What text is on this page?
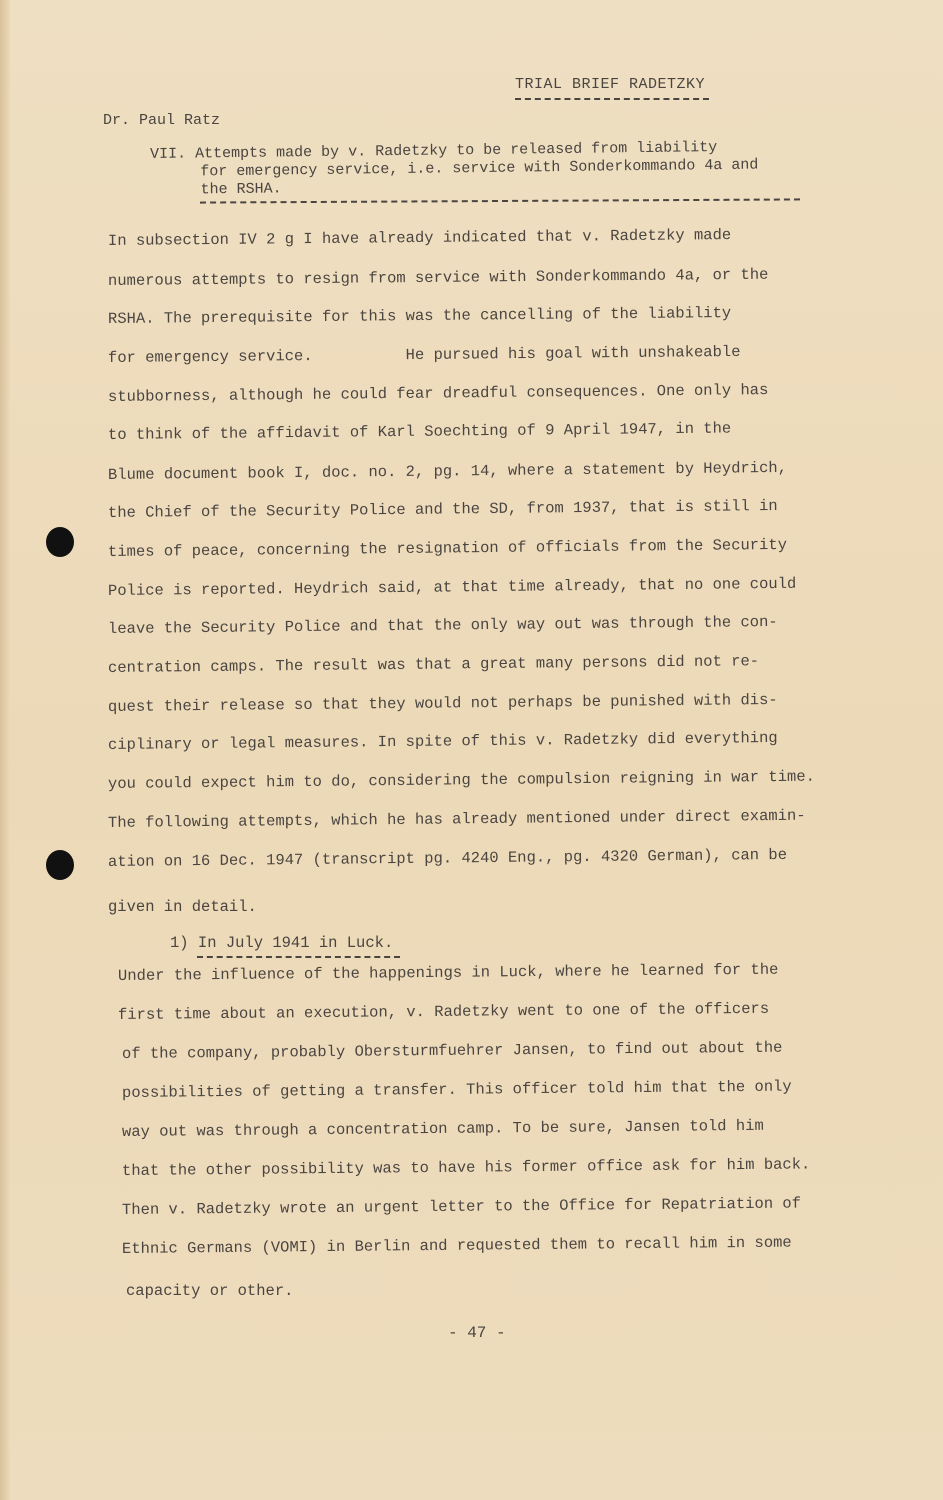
TRIAL BRIEF RADETZKY
Dr. Paul Ratz
VII. Attempts made by v. Radetzky to be released from liability
for emergency service, i.e. service with Sonderkommando 4a and
the RSHA.
In subsection IV 2 g I have already indicated that v. Radetzky made
numerous attempts to resign from service with Sonderkommando 4a, or the
RSHA. The prerequisite for this was the cancelling of the liability
for emergency service.          He pursued his goal with unshakeable
stubborness, although he could fear dreadful consequences. One only has
to think of the affidavit of Karl Soechting of 9 April 1947, in the
Blume document book I, doc. no. 2, pg. 14, where a statement by Heydrich,
the Chief of the Security Police and the SD, from 1937, that is still in
times of peace, concerning the resignation of officials from the Security
Police is reported. Heydrich said, at that time already, that no one could
leave the Security Police and that the only way out was through the con-
centration camps. The result was that a great many persons did not re-
quest their release so that they would not perhaps be punished with dis-
ciplinary or legal measures. In spite of this v. Radetzky did everything
you could expect him to do, considering the compulsion reigning in war time.
The following attempts, which he has already mentioned under direct examin-
ation on 16 Dec. 1947 (transcript pg. 4240 Eng., pg. 4320 German), can be
given in detail.
1) In July 1941 in Luck.
Under the influence of the happenings in Luck, where he learned for the
first time about an execution, v. Radetzky went to one of the officers
of the company, probably Obersturmfuehrer Jansen, to find out about the
possibilities of getting a transfer. This officer told him that the only
way out was through a concentration camp. To be sure, Jansen told him
that the other possibility was to have his former office ask for him back.
Then v. Radetzky wrote an urgent letter to the Office for Repatriation of
Ethnic Germans (VOMI) in Berlin and requested them to recall him in some
capacity or other.
- 47 -
